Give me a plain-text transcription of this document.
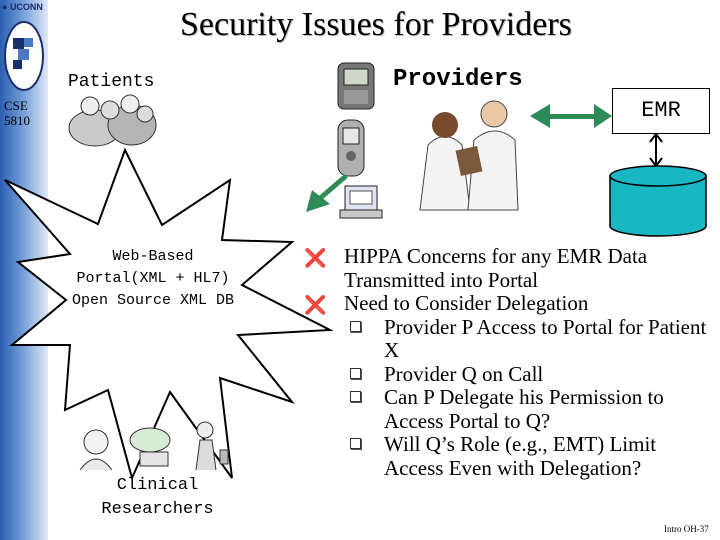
● UCONN
CSE
5810
Security Issues for Providers
Patients	Providers
EMR
Web-Based
Portal(XML + HL7)
Open Source XML DB
Clinical
Researchers
❌ HIPPA Concerns for any EMR Data Transmitted into Portal
❌ Need to Consider Delegation
Provider P Access to Portal for Patient X
Provider Q on Call
Can P Delegate his Permission to Access Portal to Q?
Will Q’s Role (e.g., EMT) Limit Access Even with Delegation?
Intro OH-37
